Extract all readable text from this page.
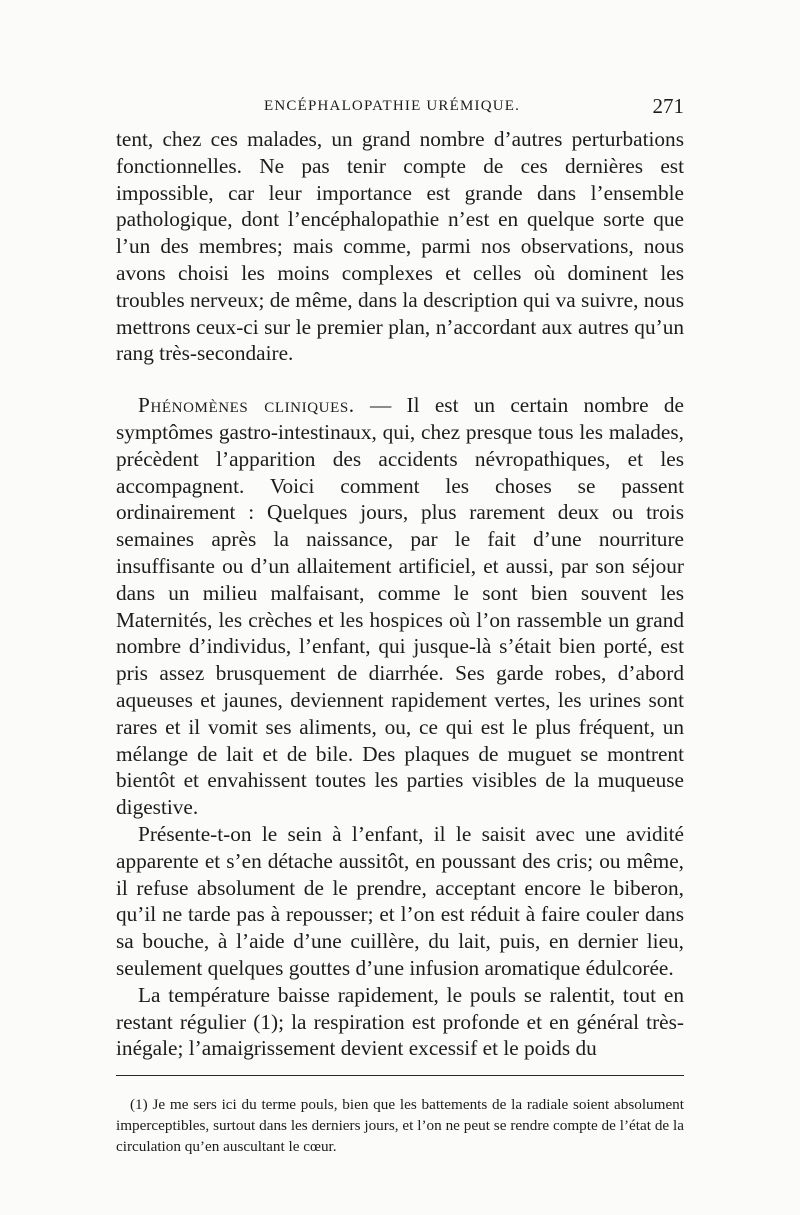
ENCÉPHALOPATHIE URÉMIQUE.	271

tent, chez ces malades, un grand nombre d’autres perturbations fonctionnelles. Ne pas tenir compte de ces dernières est impossible, car leur importance est grande dans l’ensemble pathologique, dont l’encéphalopathie n’est en quelque sorte que l’un des membres; mais comme, parmi nos observations, nous avons choisi les moins complexes et celles où dominent les troubles nerveux; de même, dans la description qui va suivre, nous mettrons ceux-ci sur le premier plan, n’accordant aux autres qu’un rang très-secondaire.

Phénomènes cliniques. — Il est un certain nombre de symptômes gastro-intestinaux, qui, chez presque tous les malades, précèdent l’apparition des accidents névropathiques, et les accompagnent. Voici comment les choses se passent ordinairement : Quelques jours, plus rarement deux ou trois semaines après la naissance, par le fait d’une nourriture insuffisante ou d’un allaitement artificiel, et aussi, par son séjour dans un milieu malfaisant, comme le sont bien souvent les Maternités, les crèches et les hospices où l’on rassemble un grand nombre d’individus, l’enfant, qui jusque-là s’était bien porté, est pris assez brusquement de diarrhée. Ses garde robes, d’abord aqueuses et jaunes, deviennent rapidement vertes, les urines sont rares et il vomit ses aliments, ou, ce qui est le plus fréquent, un mélange de lait et de bile. Des plaques de muguet se montrent bientôt et envahissent toutes les parties visibles de la muqueuse digestive.

Présente-t-on le sein à l’enfant, il le saisit avec une avidité apparente et s’en détache aussitôt, en poussant des cris; ou même, il refuse absolument de le prendre, acceptant encore le biberon, qu’il ne tarde pas à repousser; et l’on est réduit à faire couler dans sa bouche, à l’aide d’une cuillère, du lait, puis, en dernier lieu, seulement quelques gouttes d’une infusion aromatique édulcorée.

La température baisse rapidement, le pouls se ralentit, tout en restant régulier (1); la respiration est profonde et en général très-inégale; l’amaigrissement devient excessif et le poids du

(1) Je me sers ici du terme pouls, bien que les battements de la radiale soient absolument imperceptibles, surtout dans les derniers jours, et l’on ne peut se rendre compte de l’état de la circulation qu’en auscultant le cœur.
